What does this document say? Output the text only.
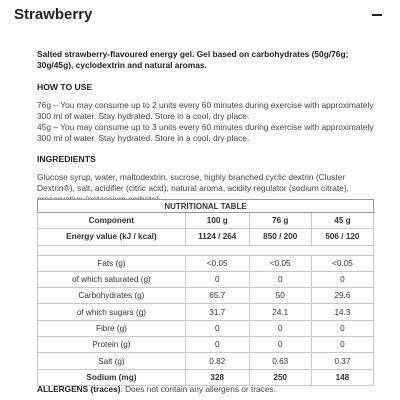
Strawberry

Salted strawberry-flavoured energy gel. Gel based on carbohydrates (50g/76g; 30g/45g), cyclodextrin and natural aromas.

HOW TO USE

76g – You may consume up to 2 units every 60 minutes during exercise with approximately 300 ml of water. Stay hydrated. Store in a cool, dry place.

45g – You may consume up to 3 units every 60 minutes during exercise with approximately 300 ml of water. Stay hydrated. Store in a cool, dry place.

INGREDIENTS

Glucose syrup, water, maltodextrin, sucrose, highly branched cyclic dextrin (Cluster Dextrin®), salt, acidifier (citric acid), natural aroma, acidity regulator (sodium citrate),

NUTRITIONAL TABLE			
Component	100 g	76 g	45 g
Energy value (kJ / kcal)	1124 / 264	850 / 200	506 / 120

Fats (g)	<0.05	<0.05	<0.05
of which saturated (g)	0	0	0
Carbohydrates (g)	65.7	50	29.6
of which sugars (g)	31.7	24.1	14.3
Fibre (g)	0	0	0
Protein (g)	0	0	0
Salt (g)	0.82	0.63	0.37
Sodium (mg)	328	250	148

ALLERGENS (traces): Does not contain any allergens or traces.
